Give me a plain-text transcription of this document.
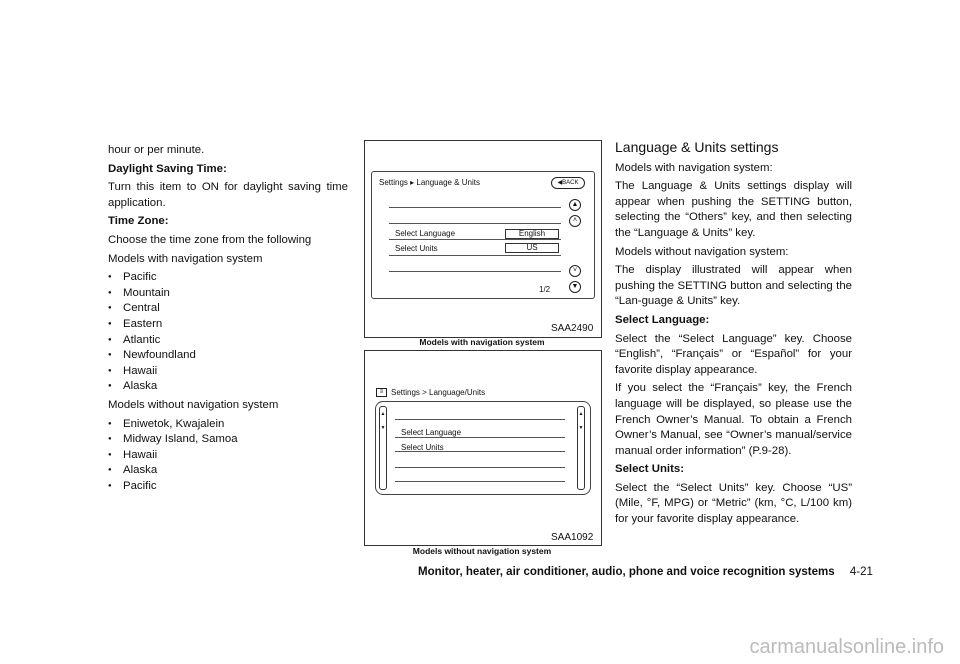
hour or per minute.

Daylight Saving Time:

Turn this item to ON for daylight saving time application.

Time Zone:

Choose the time zone from the following

Models with navigation system

● Pacific
● Mountain
● Central
● Eastern
● Atlantic
● Newfoundland
● Hawaii
● Alaska

Models without navigation system

● Eniwetok, Kwajalein
● Midway Island, Samoa
● Hawaii
● Alaska
● Pacific
Settings ▸ Language & Units	◀BACK
Select Language	English
Select Units	US
1/2
▲
˄
˅
▼
SAA2490
Models with navigation system
≡ Settings > Language/Units
Select Language
Select Units
▲
▼
▲
▼
SAA1092
Models without navigation system

Language & Units settings

Models with navigation system:

The Language & Units settings display will appear when pushing the SETTING button, selecting the “Others” key, and then selecting the “Language & Units” key.

Models without navigation system:

The display illustrated will appear when pushing the SETTING button and selecting the “Lan-guage & Units” key.

Select Language:

Select the “Select Language” key. Choose “English”, “Français” or “Español” for your favorite display appearance.

If you select the “Français” key, the French language will be displayed, so please use the French Owner’s Manual. To obtain a French Owner’s Manual, see “Owner’s manual/service manual order information” (P.9-28).

Select Units:

Select the “Select Units” key. Choose “US” (Mile, °F, MPG) or “Metric” (km, °C, L/100 km) for your favorite display appearance.

Monitor, heater, air conditioner, audio, phone and voice recognition systems 4-21
carmanualsonline.info
